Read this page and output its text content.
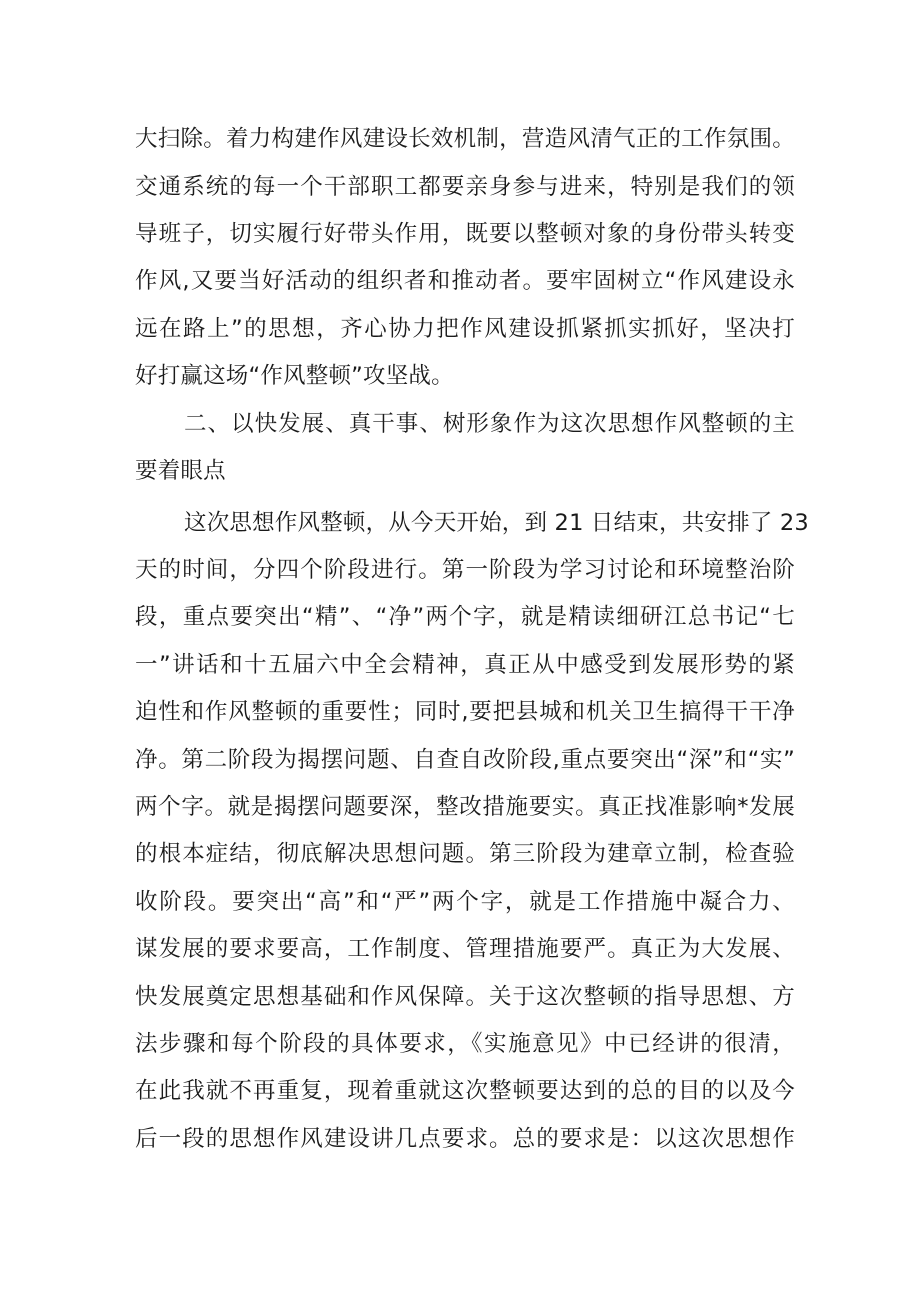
大扫除。着力构建作风建设长效机制，营造风清气正的工作氛围。
交通系统的每一个干部职工都要亲身参与进来，特别是我们的领
导班子，切实履行好带头作用，既要以整顿对象的身份带头转变
作风,又要当好活动的组织者和推动者。要牢固树立“作风建设永
远在路上”的思想，齐心协力把作风建设抓紧抓实抓好，坚决打
好打赢这场“作风整顿”攻坚战。
二、以快发展、真干事、树形象作为这次思想作风整顿的主
要着眼点
这次思想作风整顿，从今天开始，到 21 日结束，共安排了 23
天的时间，分四个阶段进行。第一阶段为学习讨论和环境整治阶
段，重点要突出“精”、“净”两个字，就是精读细研江总书记“七
一”讲话和十五届六中全会精神，真正从中感受到发展形势的紧
迫性和作风整顿的重要性；同时,要把县城和机关卫生搞得干干净
净。第二阶段为揭摆问题、自查自改阶段,重点要突出“深”和“实”
两个字。就是揭摆问题要深，整改措施要实。真正找准影响*发展
的根本症结，彻底解决思想问题。第三阶段为建章立制，检查验
收阶段。要突出“高”和“严”两个字，就是工作措施中凝合力、
谋发展的要求要高，工作制度、管理措施要严。真正为大发展、
快发展奠定思想基础和作风保障。关于这次整顿的指导思想、方
法步骤和每个阶段的具体要求，《实施意见》中已经讲的很清，
在此我就不再重复，现着重就这次整顿要达到的总的目的以及今
后一段的思想作风建设讲几点要求。总的要求是：以这次思想作
